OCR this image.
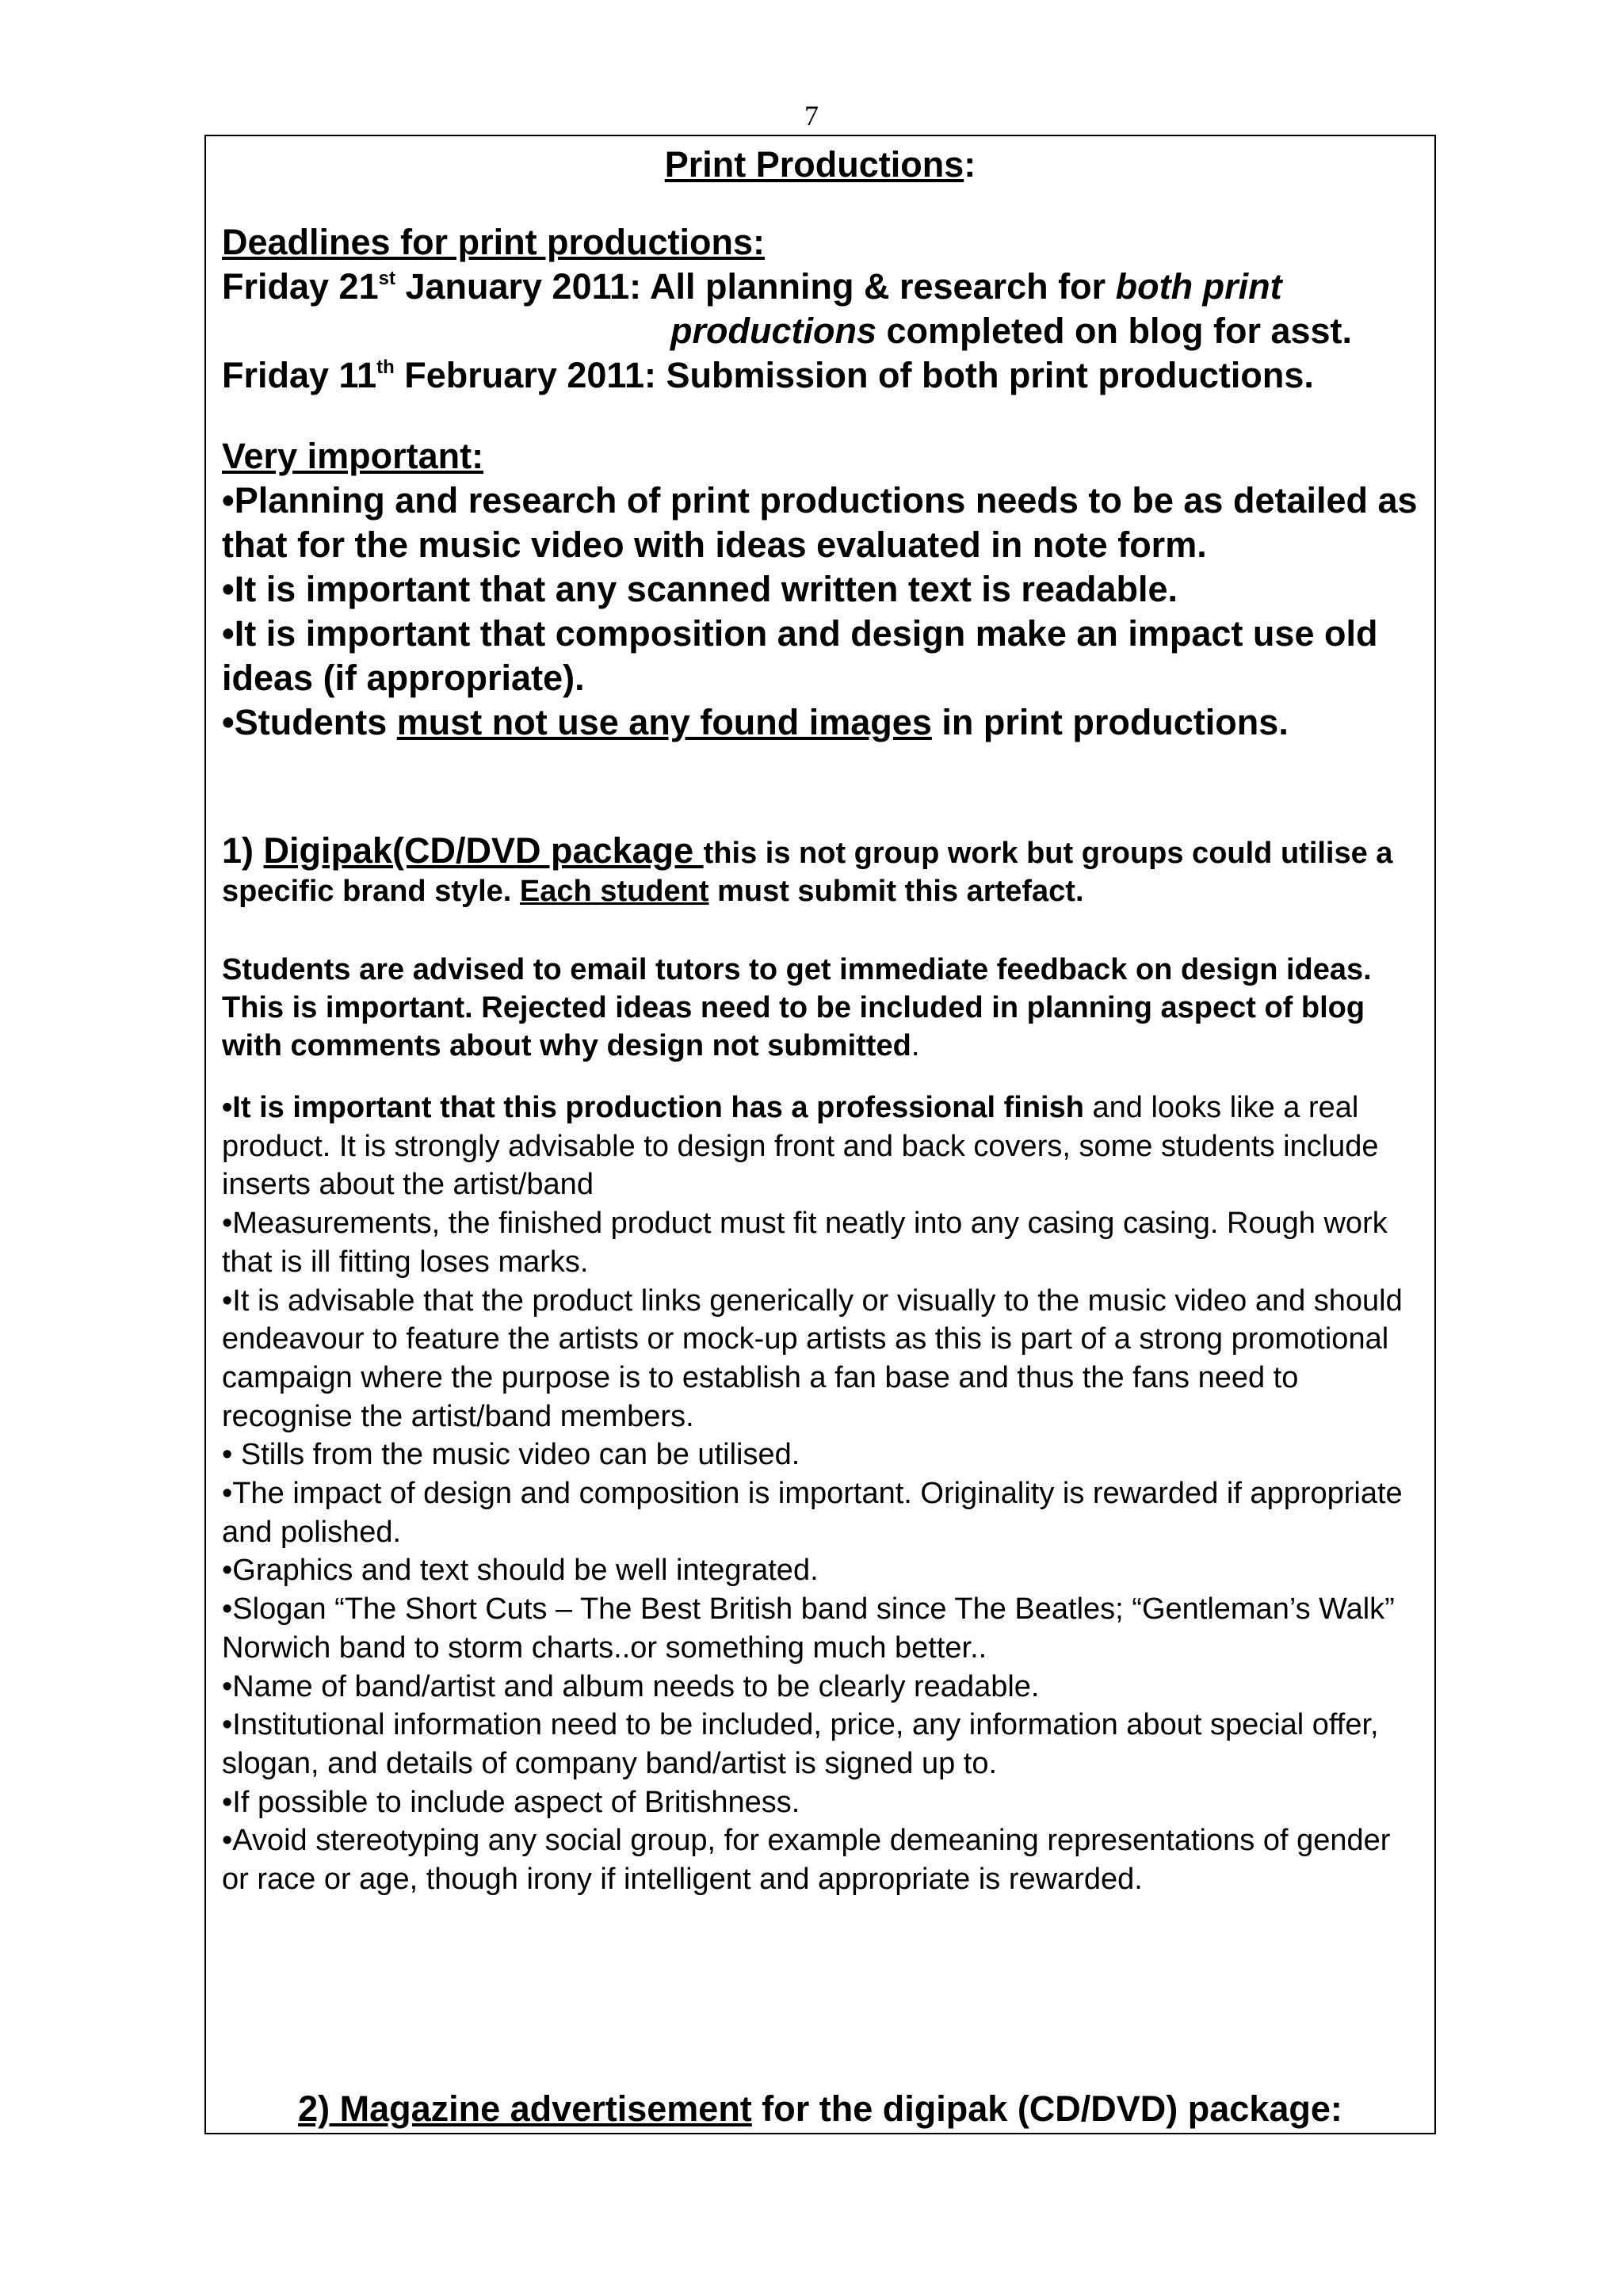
7
Print Productions:
Deadlines for print productions:
Friday 21st January 2011: All planning & research for both print
productions completed on blog for asst.
Friday 11th February 2011: Submission of both print productions.
Very important:
•Planning and research of print productions needs to be as detailed as that for the music video with ideas evaluated in note form.
•It is important that any scanned written text is readable.
•It is important that composition and design make an impact use old ideas (if appropriate).
•Students must not use any found images in print productions.
1) Digipak(CD/DVD package this is not group work but groups could utilise a specific brand style. Each student must submit this artefact.
Students are advised to email tutors to get immediate feedback on design ideas. This is important. Rejected ideas need to be included in planning aspect of blog with comments about why design not submitted.

•It is important that this production has a professional finish and looks like a real product. It is strongly advisable to design front and back covers, some students include inserts about the artist/band

•Measurements, the finished product must fit neatly into any casing casing. Rough work that is ill fitting loses marks.

•It is advisable that the product links generically or visually to the music video and should endeavour to feature the artists or mock-up artists as this is part of a strong promotional campaign where the purpose is to establish a fan base and thus the fans need to recognise the artist/band members.

• Stills from the music video can be utilised.

•The impact of design and composition is important. Originality is rewarded if appropriate and polished.

•Graphics and text should be well integrated.

•Slogan “The Short Cuts – The Best British band since The Beatles; “Gentleman’s Walk” Norwich band to storm charts..or something much better..

•Name of band/artist and album needs to be clearly readable.

•Institutional information need to be included, price, any information about special offer, slogan, and details of company band/artist is signed up to.

•If possible to include aspect of Britishness.

•Avoid stereotyping any social group, for example demeaning representations of gender or race or age, though irony if intelligent and appropriate is rewarded.

2) Magazine advertisement for the digipak (CD/DVD) package:
